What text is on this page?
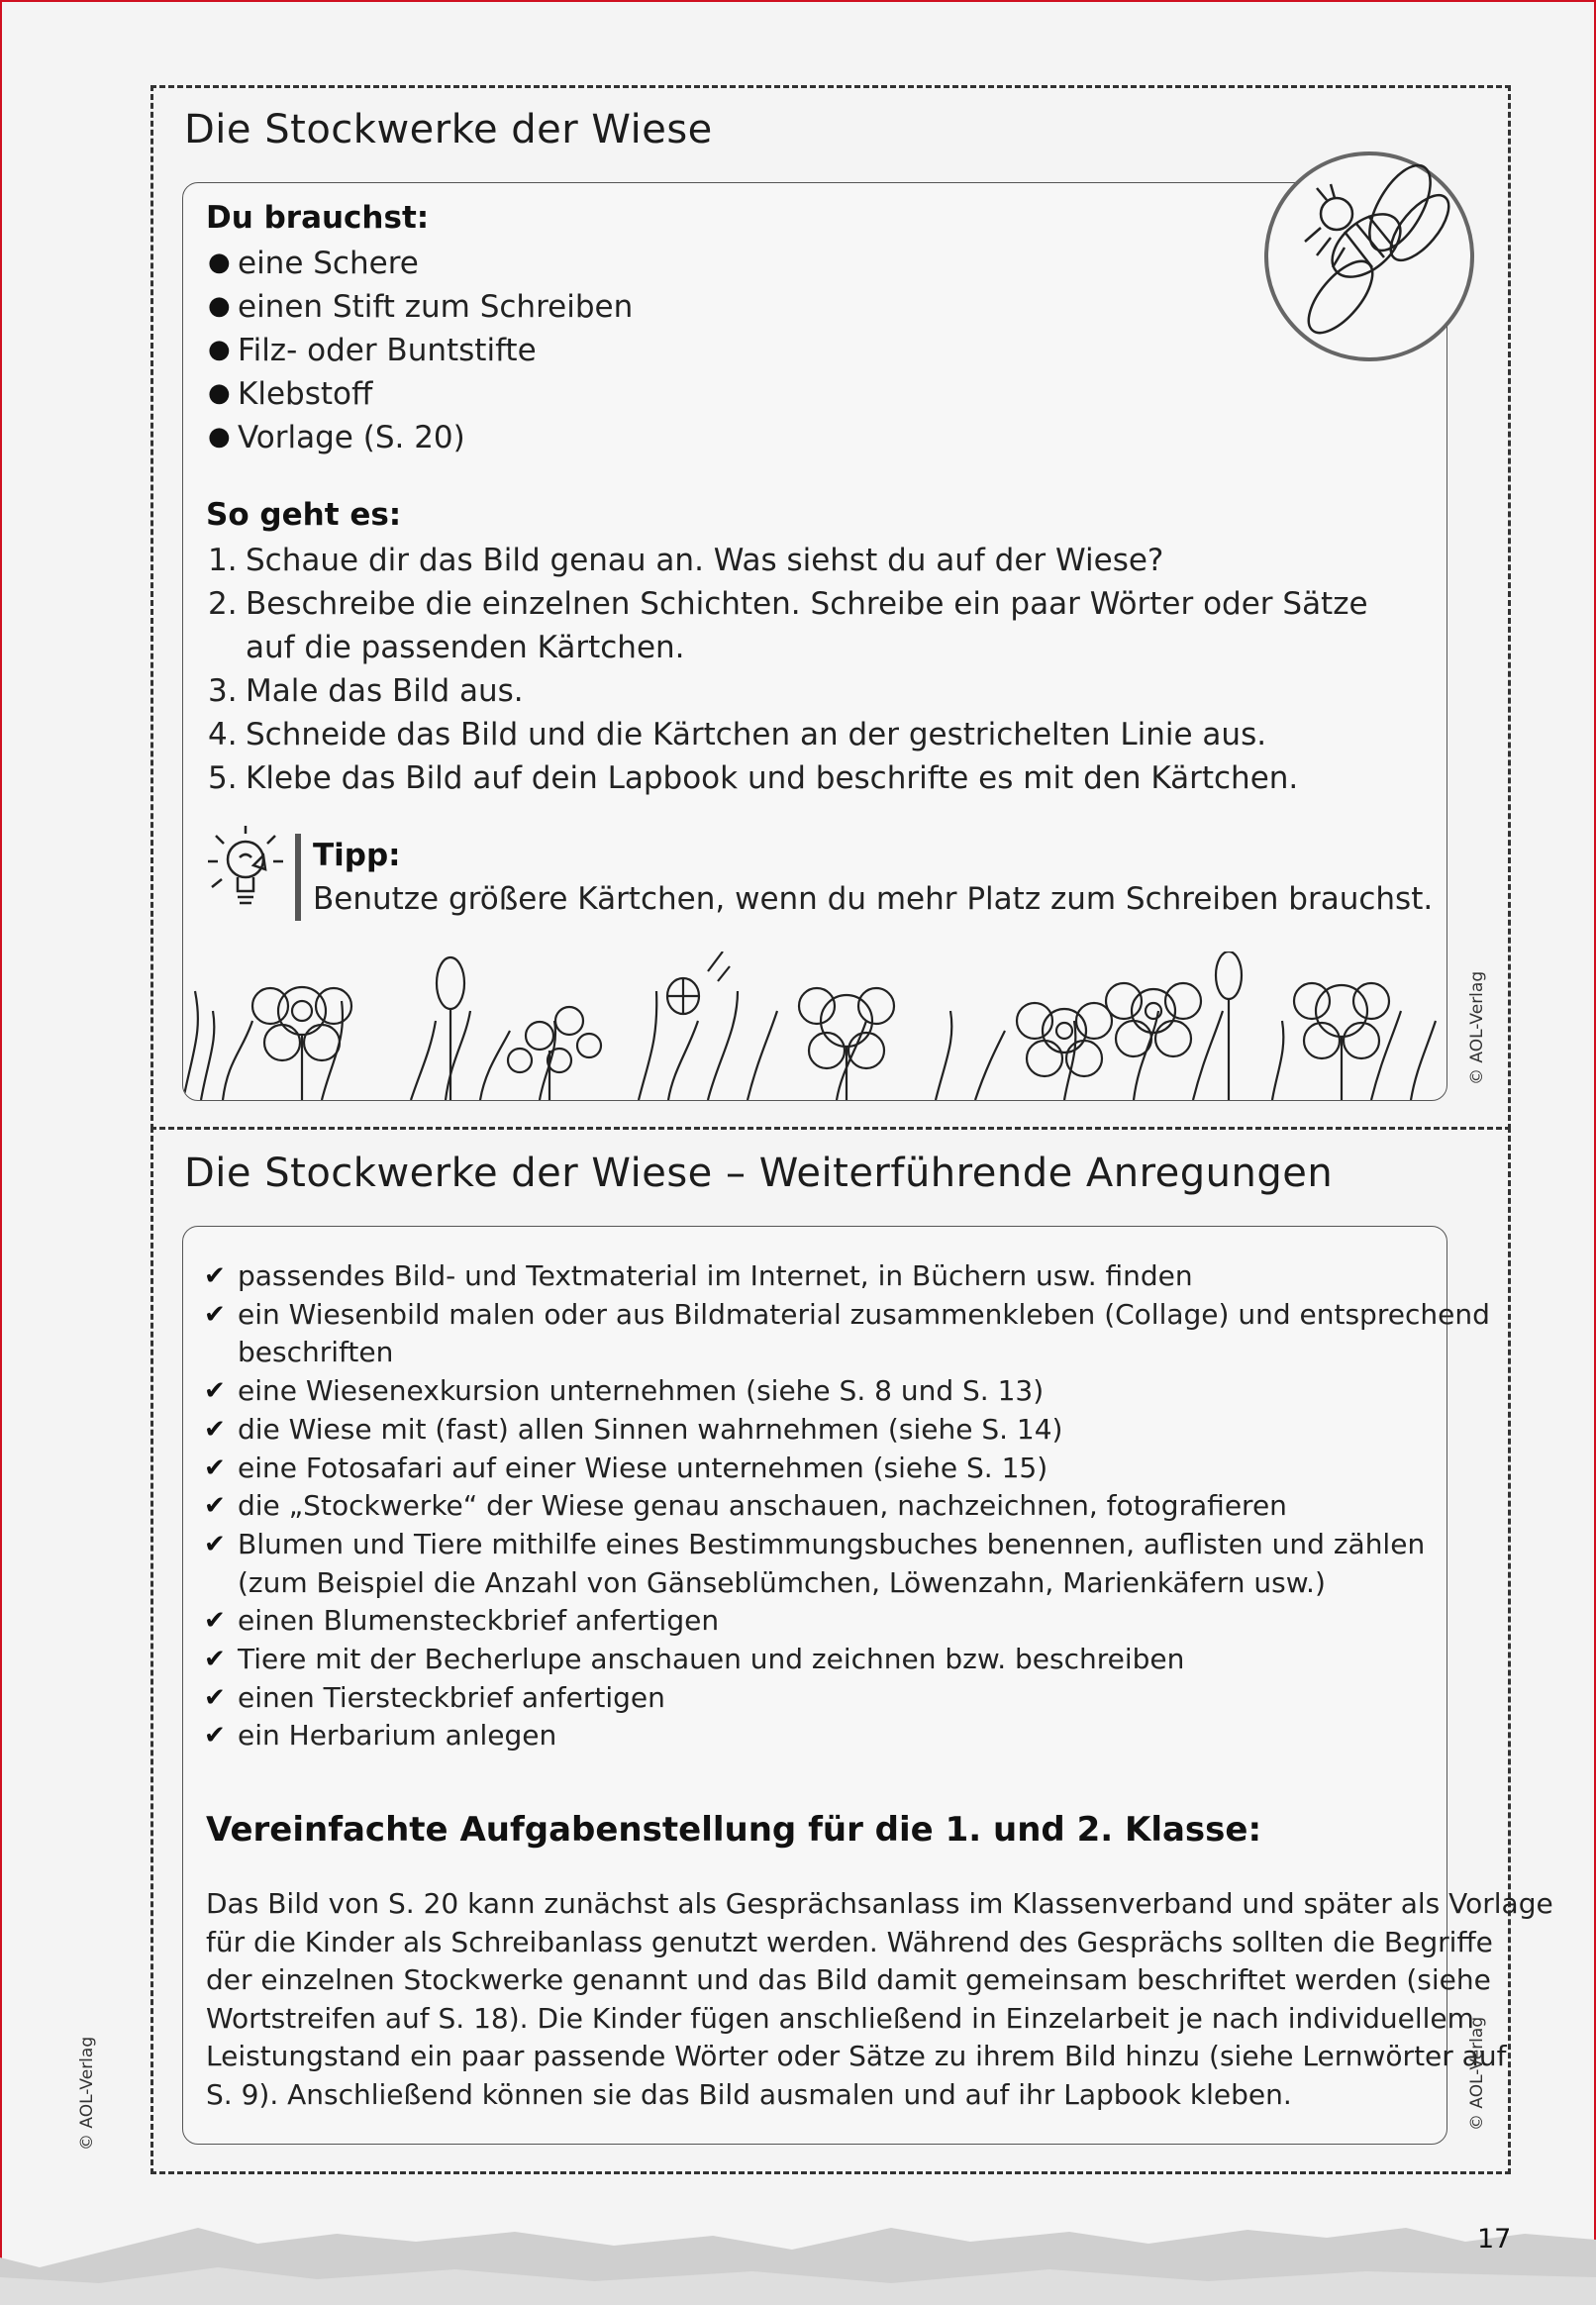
Die Stockwerke der Wiese
Du brauchst:
● eine Schere
● einen Stift zum Schreiben
● Filz- oder Buntstifte
● Klebstoff
● Vorlage (S. 20)
So geht es:
1. Schaue dir das Bild genau an. Was siehst du auf der Wiese?
2. Beschreibe die einzelnen Schichten. Schreibe ein paar Wörter oder Sätze
auf die passenden Kärtchen.
3. Male das Bild aus.
4. Schneide das Bild und die Kärtchen an der gestrichelten Linie aus.
5. Klebe das Bild auf dein Lapbook und beschrifte es mit den Kärtchen.
Tipp:
Benutze größere Kärtchen, wenn du mehr Platz zum Schreiben brauchst.
© AOL-Verlag
Die Stockwerke der Wiese – Weiterführende Anregungen
✔ passendes Bild- und Textmaterial im Internet, in Büchern usw. finden
✔ ein Wiesenbild malen oder aus Bildmaterial zusammenkleben (Collage) und entsprechend
beschriften
✔ eine Wiesenexkursion unternehmen (siehe S. 8 und S. 13)
✔ die Wiese mit (fast) allen Sinnen wahrnehmen (siehe S. 14)
✔ eine Fotosafari auf einer Wiese unternehmen (siehe S. 15)
✔ die „Stockwerke“ der Wiese genau anschauen, nachzeichnen, fotografieren
✔ Blumen und Tiere mithilfe eines Bestimmungsbuches benennen, auflisten und zählen
(zum Beispiel die Anzahl von Gänseblümchen, Löwenzahn, Marienkäfern usw.)
✔ einen Blumensteckbrief anfertigen
✔ Tiere mit der Becherlupe anschauen und zeichnen bzw. beschreiben
✔ einen Tiersteckbrief anfertigen
✔ ein Herbarium anlegen
Vereinfachte Aufgabenstellung für die 1. und 2. Klasse:
Das Bild von S. 20 kann zunächst als Gesprächsanlass im Klassenverband und später als Vorlage
für die Kinder als Schreibanlass genutzt werden. Während des Gesprächs sollten die Begriffe
der einzelnen Stockwerke genannt und das Bild damit gemeinsam beschriftet werden (siehe
Wortstreifen auf S. 18). Die Kinder fügen anschließend in Einzelarbeit je nach individuellem
Leistungstand ein paar passende Wörter oder Sätze zu ihrem Bild hinzu (siehe Lernwörter auf
S. 9). Anschließend können sie das Bild ausmalen und auf ihr Lapbook kleben.	© AOL-Verlag
© AOL-Verlag
17
